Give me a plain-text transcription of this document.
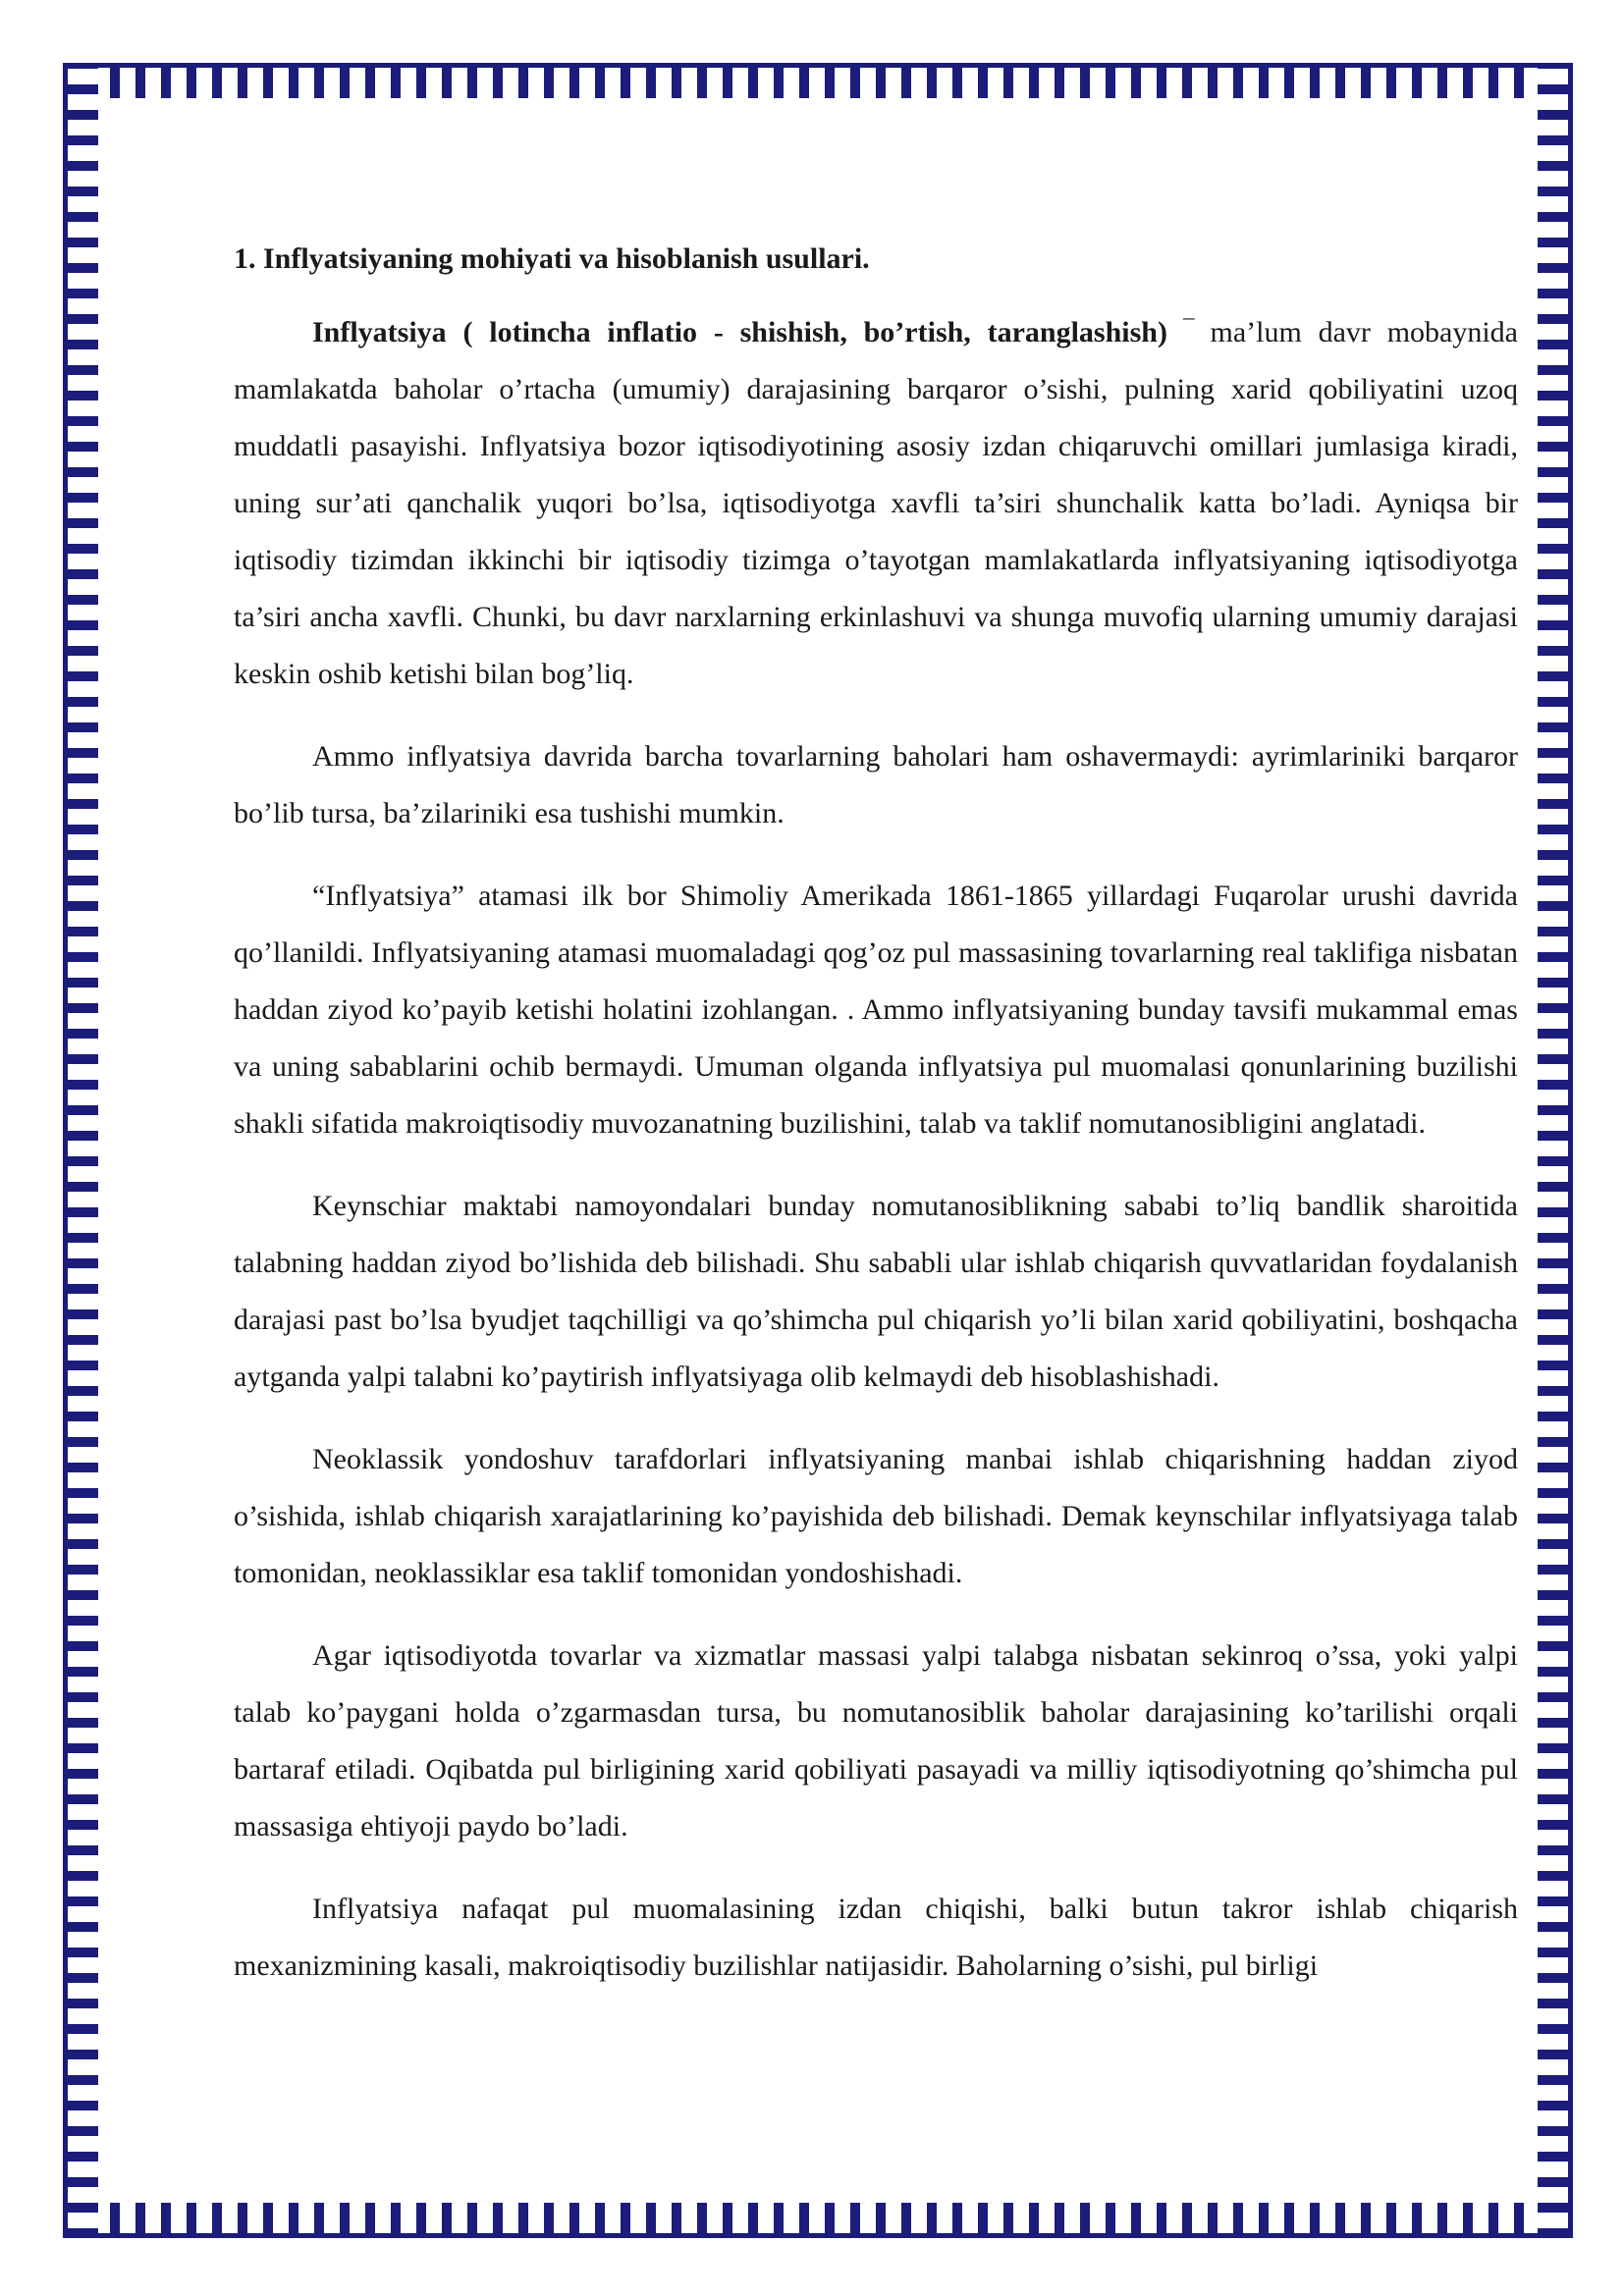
1. Inflyatsiyaning mohiyati va hisoblanish usullari.

Inflyatsiya ( lotincha inflatio - shishish, bo’rtish, taranglashish) ‾ ma’lum davr mobaynida mamlakatda baholar o’rtacha (umumiy) darajasining barqaror o’sishi, pulning xarid qobiliyatini uzoq muddatli pasayishi. Inflyatsiya bozor iqtisodiyotining asosiy izdan chiqaruvchi omillari jumlasiga kiradi, uning sur’ati qanchalik yuqori bo’lsa, iqtisodiyotga xavfli ta’siri shunchalik katta bo’ladi. Ayniqsa bir iqtisodiy tizimdan ikkinchi bir iqtisodiy tizimga o’tayotgan mamlakatlarda inflyatsiyaning iqtisodiyotga ta’siri ancha xavfli. Chunki, bu davr narxlarning erkinlashuvi va shunga muvofiq ularning umumiy darajasi keskin oshib ketishi bilan bog’liq.

Ammo inflyatsiya davrida barcha tovarlarning baholari ham oshavermaydi: ayrimlariniki barqaror bo’lib tursa, ba’zilariniki esa tushishi mumkin.

“Inflyatsiya” atamasi ilk bor Shimoliy Amerikada 1861-1865 yillardagi Fuqarolar urushi davrida qo’llanildi. Inflyatsiyaning atamasi muomaladagi qog’oz pul massasining tovarlarning real taklifiga nisbatan haddan ziyod ko’payib ketishi holatini izohlangan. . Ammo inflyatsiyaning bunday tavsifi mukammal emas va uning sabablarini ochib bermaydi. Umuman olganda inflyatsiya pul muomalasi qonunlarining buzilishi shakli sifatida makroiqtisodiy muvozanatning buzilishini, talab va taklif nomutanosibligini anglatadi.

Keynschiar maktabi namoyondalari bunday nomutanosiblikning sababi to’liq bandlik sharoitida talabning haddan ziyod bo’lishida deb bilishadi. Shu sababli ular ishlab chiqarish quvvatlaridan foydalanish darajasi past bo’lsa byudjet taqchilligi va qo’shimcha pul chiqarish yo’li bilan xarid qobiliyatini, boshqacha aytganda yalpi talabni ko’paytirish inflyatsiyaga olib kelmaydi deb hisoblashishadi.

Neoklassik yondoshuv tarafdorlari inflyatsiyaning manbai ishlab chiqarishning haddan ziyod o’sishida, ishlab chiqarish xarajatlarining ko’payishida deb bilishadi. Demak keynschilar inflyatsiyaga talab tomonidan, neoklassiklar esa taklif tomonidan yondoshishadi.

Agar iqtisodiyotda tovarlar va xizmatlar massasi yalpi talabga nisbatan sekinroq o’ssa, yoki yalpi talab ko’paygani holda o’zgarmasdan tursa, bu nomutanosiblik baholar darajasining ko’tarilishi orqali bartaraf etiladi. Oqibatda pul birligining xarid qobiliyati pasayadi va milliy iqtisodiyotning qo’shimcha pul massasiga ehtiyoji paydo bo’ladi.

Inflyatsiya nafaqat pul muomalasining izdan chiqishi, balki butun takror ishlab chiqarish mexanizmining kasali, makroiqtisodiy buzilishlar natijasidir. Baholarning o’sishi, pul birligi
